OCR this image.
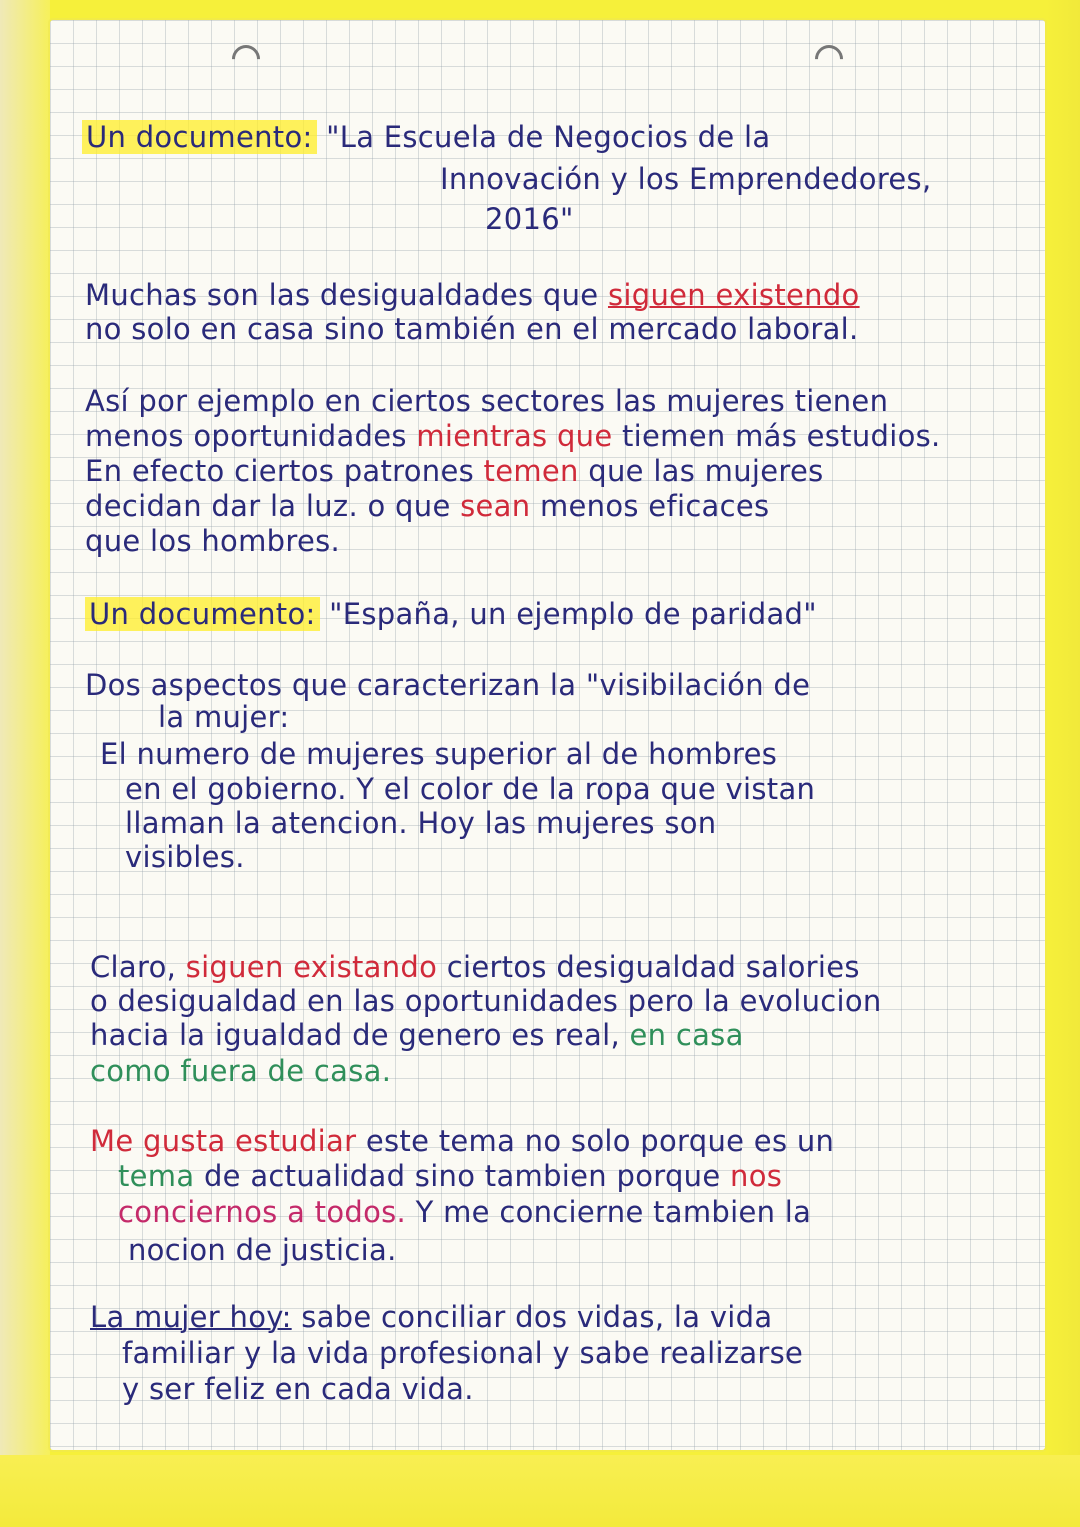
Un documento: "La Escuela de Negocios de la
Innovación y los Emprendedores,
2016"
Muchas son las desigualdades que siguen existendo
no solo en casa sino también en el mercado laboral.
Así por ejemplo en ciertos sectores las mujeres tienen
menos oportunidades mientras que tiemen más estudios.
En efecto ciertos patrones temen que las mujeres
decidan dar la luz. o que sean menos eficaces
que los hombres.
Un documento: "España, un ejemplo de paridad"
Dos aspectos que caracterizan la "visibilación de
la mujer:
El numero de mujeres superior al de hombres
en el gobierno. Y el color de la ropa que vistan
llaman la atencion. Hoy las mujeres son
visibles.
Claro, siguen existando ciertos desigualdad salories
o desigualdad en las oportunidades pero la evolucion
hacia la igualdad de genero es real, en casa
como fuera de casa.
Me gusta estudiar este tema no solo porque es un
tema de actualidad sino tambien porque nos
conciernos a todos. Y me concierne tambien la
nocion de justicia.
La mujer hoy: sabe conciliar dos vidas, la vida
familiar y la vida profesional y sabe realizarse
y ser feliz en cada vida.
